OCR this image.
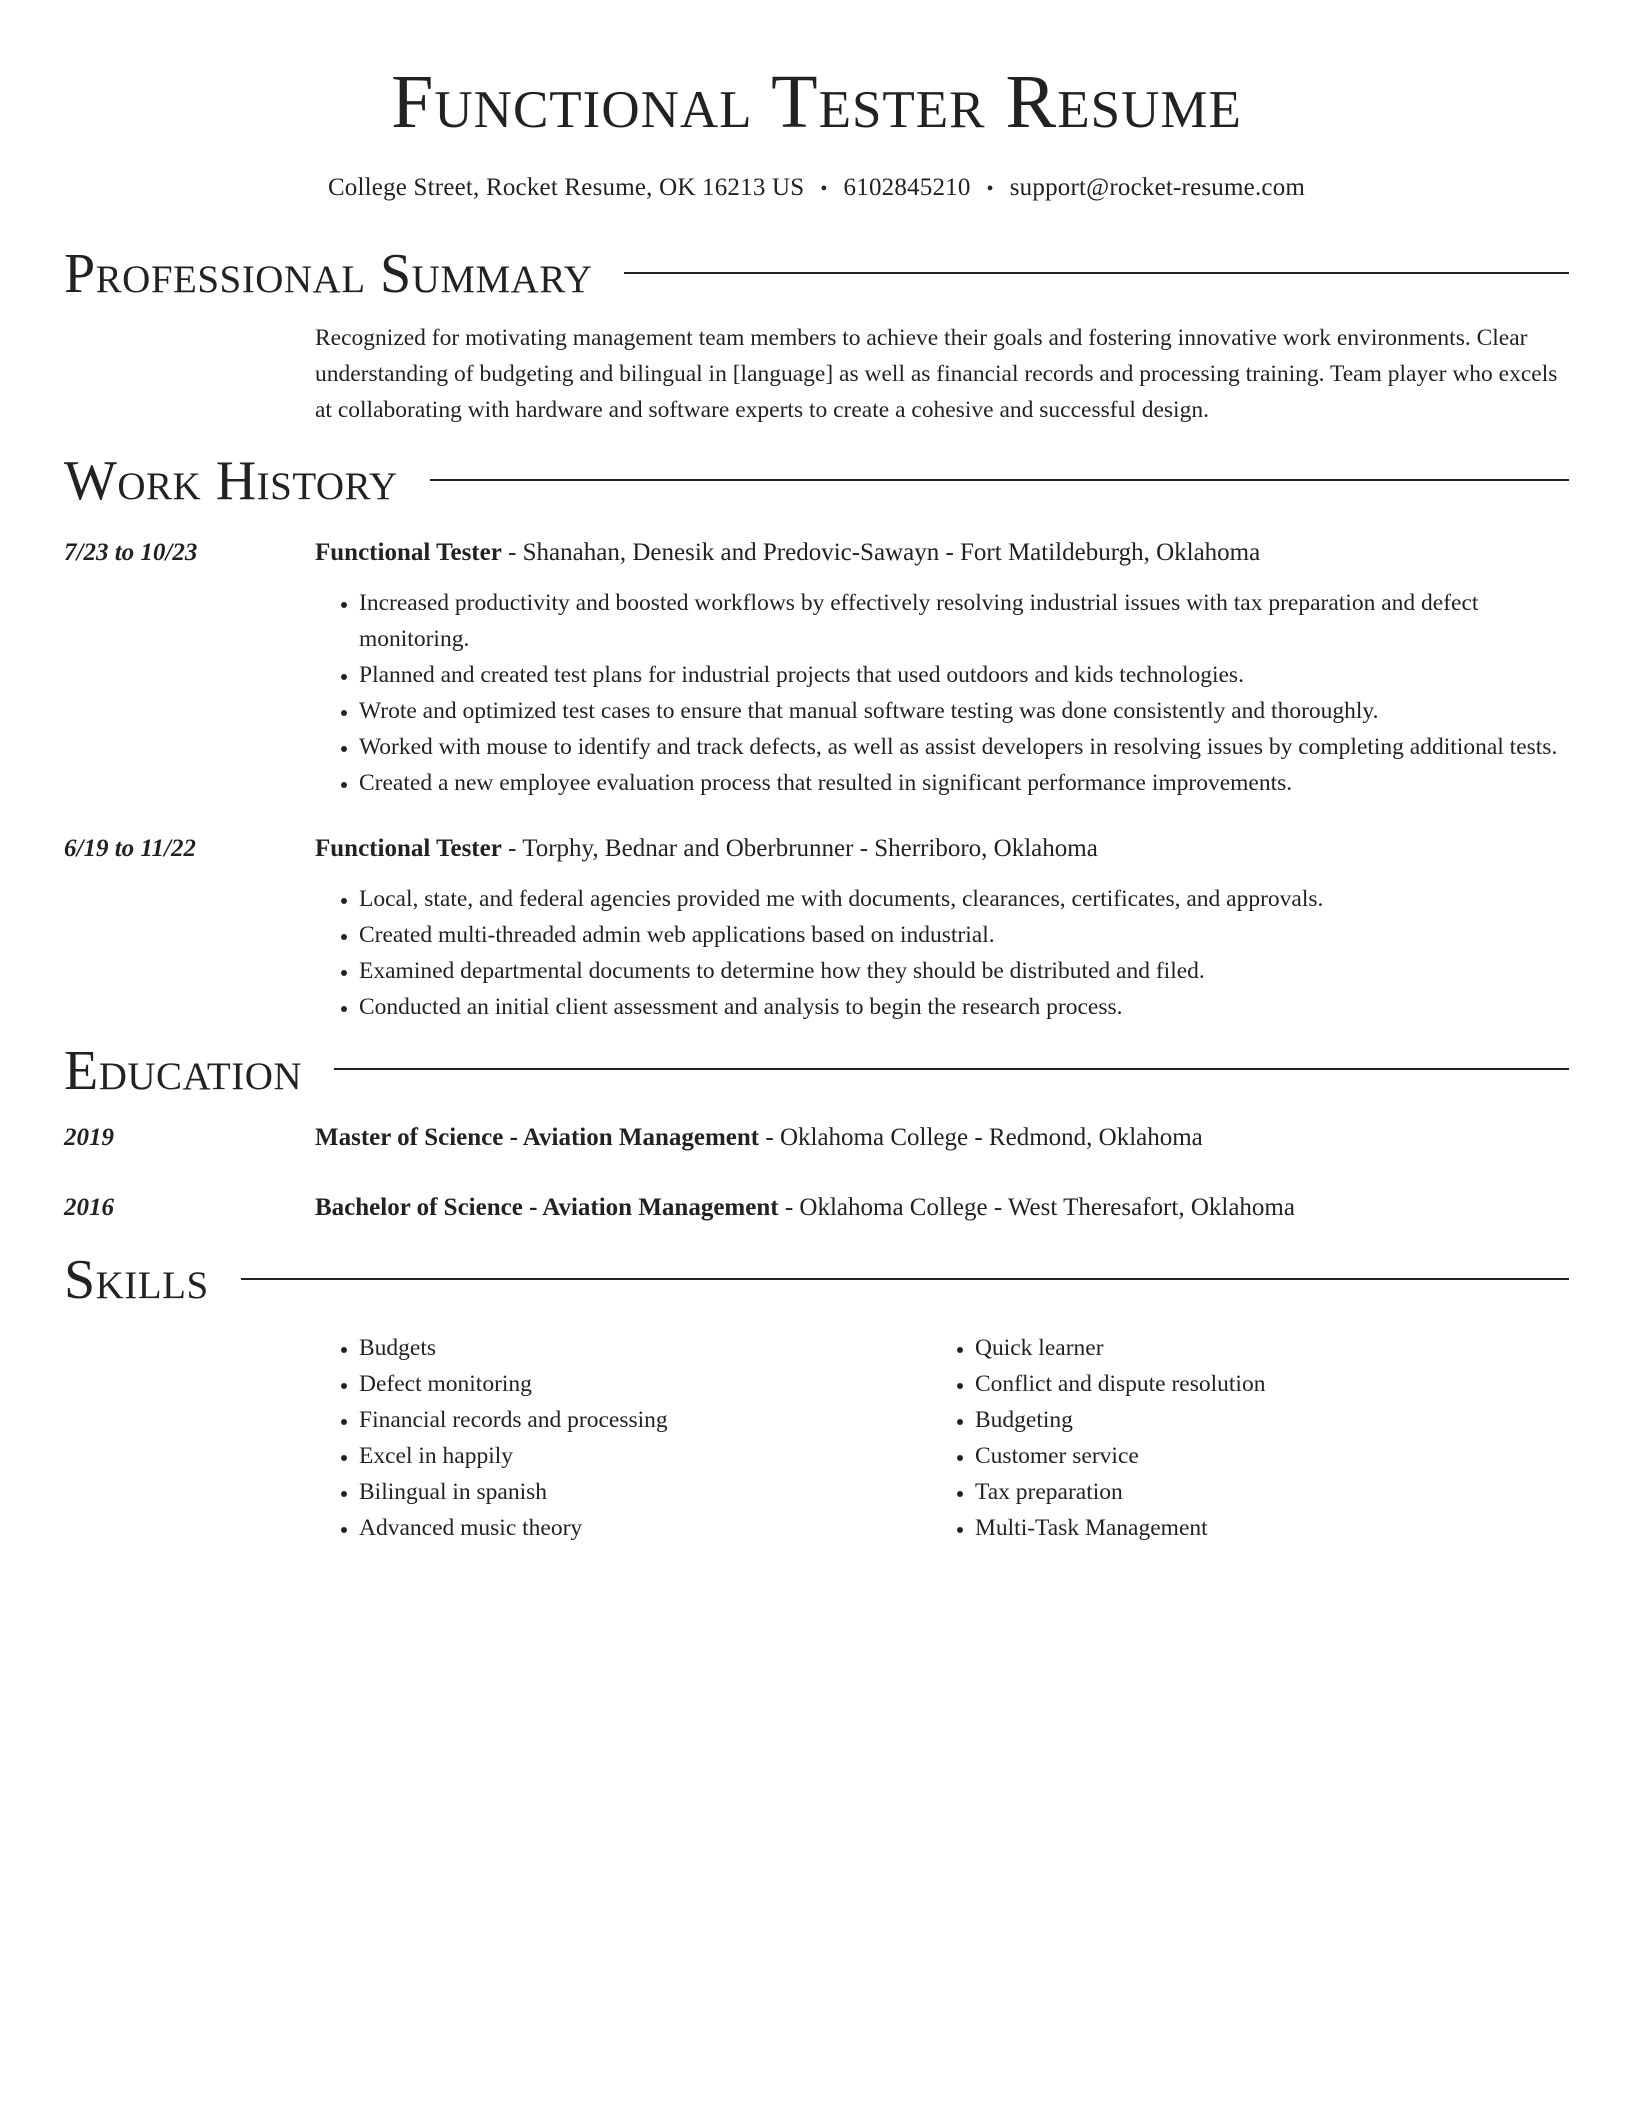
Functional Tester Resume
College Street, Rocket Resume, OK 16213 US • 6102845210 • support@rocket-resume.com
Professional Summary

Recognized for motivating management team members to achieve their goals and fostering innovative work environments. Clear understanding of budgeting and bilingual in [language] as well as financial records and processing training. Team player who excels at collaborating with hardware and software experts to create a cohesive and successful design.

Work History
7/23 to 10/23	Functional Tester - Shanahan, Denesik and Predovic-Sawayn - Fort Matildeburgh, Oklahoma
• Increased productivity and boosted workflows by effectively resolving industrial issues with tax preparation and defect monitoring.
• Planned and created test plans for industrial projects that used outdoors and kids technologies.
• Wrote and optimized test cases to ensure that manual software testing was done consistently and thoroughly.
• Worked with mouse to identify and track defects, as well as assist developers in resolving issues by completing additional tests.
• Created a new employee evaluation process that resulted in significant performance improvements.
6/19 to 11/22	Functional Tester - Torphy, Bednar and Oberbrunner - Sherriboro, Oklahoma
• Local, state, and federal agencies provided me with documents, clearances, certificates, and approvals.
• Created multi-threaded admin web applications based on industrial.
• Examined departmental documents to determine how they should be distributed and filed.
• Conducted an initial client assessment and analysis to begin the research process.
Education
2019	Master of Science - Aviation Management - Oklahoma College - Redmond, Oklahoma
2016	Bachelor of Science - Aviation Management - Oklahoma College - West Theresafort, Oklahoma
Skills
• Budgets
• Defect monitoring
• Financial records and processing
• Excel in happily
• Bilingual in spanish
• Advanced music theory
• Quick learner
• Conflict and dispute resolution
• Budgeting
• Customer service
• Tax preparation
• Multi-Task Management
